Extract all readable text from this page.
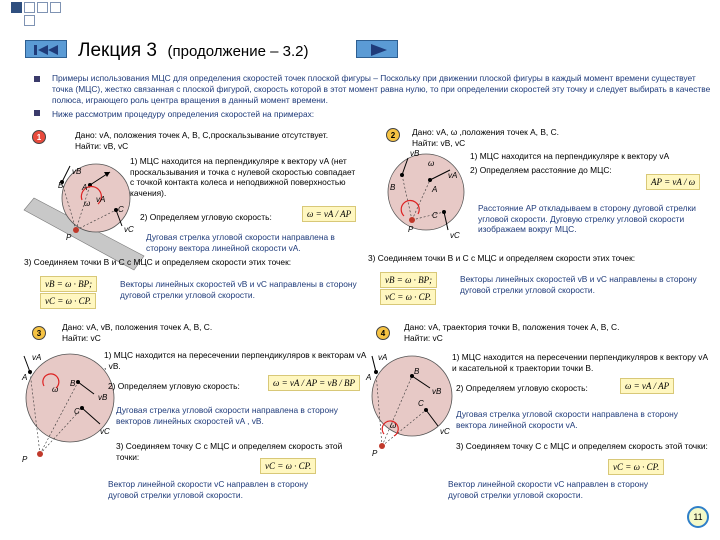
Лекция 3 (продолжение – 3.2)
Примеры использования МЦС для определения скоростей точек плоской фигуры – Поскольку при движении плоской фигуры в каждый момент времени существует точка (МЦС), жестко связанная с плоской фигурой, скорость которой в этот момент равна нулю, то при определении скоростей эту точку и следует выбирать в качестве полюса, играющего роль центра вращения в данный момент времени.
Ниже рассмотрим процедуру определения скоростей на примерах:
1	Дано: vA, положения точек A, B, C,проскальзывание отсутствует.
Найти: vB, vC
1) МЦС находится на перпендикуляре к вектору vA (нет проскальзывания и точка с нулевой скоростью совпадает с точкой контакта колеса и неподвижной поверхностью качения).
B A
C
P
vB
vA
vC
ω
2) Определяем угловую скорость:	ω = vA / AP
Дуговая стрелка угловой скорости направлена в сторону вектора линейной скорости vA.
3) Соединяем точки B и C с МЦС и определяем скорости этих точек:
vB = ω · BP;
vC = ω · CP.
Векторы линейных скоростей vB и vC направлены в сторону дуговой стрелки угловой скорости.
2	Дано: vA, ω ,положения точек A, B, C.
Найти: vB, vC
1) МЦС находится на перпендикуляре к вектору vA
2) Определяем расстояние до МЦС:
AP = vA / ω
B	A
C
P
vB
vA
vC
ω
Расстояние AP откладываем в сторону дуговой стрелки угловой скорости. Дуговую стрелку угловой скорости изображаем вокруг МЦС.
3) Соединяем точки B и C с МЦС и определяем скорости этих точек:
vB = ω · BP;
vC = ω · CP.
Векторы линейных скоростей vB и vC направлены в сторону дуговой стрелки угловой скорости.
3
Дано: vA, vB, положения точек A, B, C.
Найти: vC
1) МЦС находится на пересечении перпендикуляров к векторам vA , vB.
A
B
C
P
vA
vB
vC
ω	2) Определяем угловую скорость:	ω = vA / AP = vB / BP
Дуговая стрелка угловой скорости направлена в сторону векторов линейных скоростей vA , vB.
3) Соединяем точку C с МЦС и определяем скорость этой точки:
vC = ω · CP.
Вектор линейной скорости vC направлен в сторону дуговой стрелки угловой скорости.
4
Дано: vA, траектория точки B, положения точек A, B, C.
Найти: vC
1) МЦС находится на пересечении перпендикуляров к вектору vA и касательной к траектории точки B.
A
B
C
P
vA
vB
vC
ω
2) Определяем угловую скорость:	ω = vA / AP
Дуговая стрелка угловой скорости направлена в сторону вектора линейной скорости vA.
3) Соединяем точку C с МЦС и определяем скорость этой точки:
vC = ω · CP.
Вектор линейной скорости vC направлен в сторону дуговой стрелки угловой скорости.
11
